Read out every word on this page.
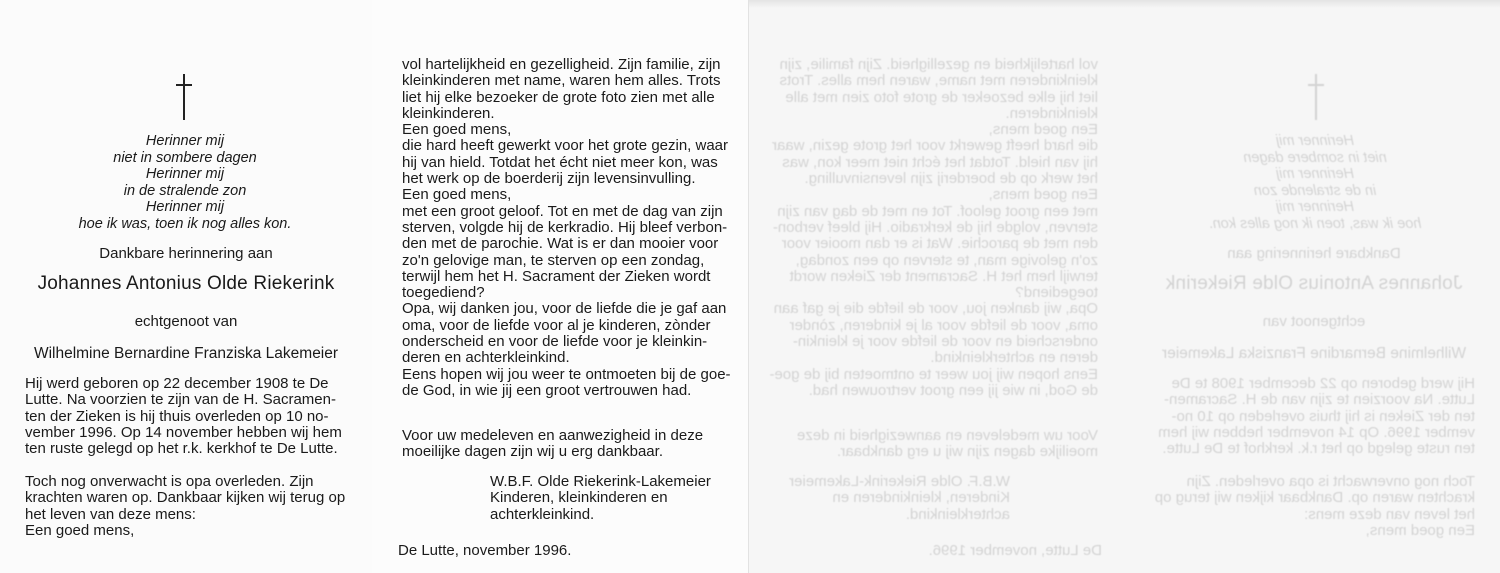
Herinner mij
niet in sombere dagen
Herinner mij
in de stralende zon
Herinner mij
hoe ik was, toen ik nog alles kon.
Dankbare herinnering aan
Johannes Antonius Olde Riekerink
echtgenoot van
Wilhelmine Bernardine Franziska Lakemeier
Hij werd geboren op 22 december 1908 te De
Lutte. Na voorzien te zijn van de H. Sacramen-
ten der Zieken is hij thuis overleden op 10 no-
vember 1996. Op 14 november hebben wij hem
ten ruste gelegd op het r.k. kerkhof te De Lutte.
Toch nog onverwacht is opa overleden. Zijn
krachten waren op. Dankbaar kijken wij terug op
het leven van deze mens:
Een goed mens,
vol hartelijkheid en gezelligheid. Zijn familie, zijn
kleinkinderen met name, waren hem alles. Trots
liet hij elke bezoeker de grote foto zien met alle
kleinkinderen.
Een goed mens,
die hard heeft gewerkt voor het grote gezin, waar
hij van hield. Totdat het écht niet meer kon, was
het werk op de boerderij zijn levensinvulling.
Een goed mens,
met een groot geloof. Tot en met de dag van zijn
sterven, volgde hij de kerkradio. Hij bleef verbon-
den met de parochie. Wat is er dan mooier voor
zo'n gelovige man, te sterven op een zondag,
terwijl hem het H. Sacrament der Zieken wordt
toegediend?
Opa, wij danken jou, voor de liefde die je gaf aan
oma, voor de liefde voor al je kinderen, zònder
onderscheid en voor de liefde voor je kleinkin-
deren en achterkleinkind.
Eens hopen wij jou weer te ontmoeten bij de goe-
de God, in wie jij een groot vertrouwen had.
Voor uw medeleven en aanwezigheid in deze
moeilijke dagen zijn wij u erg dankbaar.
W.B.F. Olde Riekerink-Lakemeier
Kinderen, kleinkinderen en
achterkleinkind.
De Lutte, november 1996.
Herinner mij
niet in sombere dagen
Herinner mij
in de stralende zon
Herinner mij
hoe ik was, toen ik nog alles kon.
Dankbare herinnering aan
Johannes Antonius Olde Riekerink
echtgenoot van
Wilhelmine Bernardine Franziska Lakemeier
Hij werd geboren op 22 december 1908 te De
Lutte. Na voorzien te zijn van de H. Sacramen-
ten der Zieken is hij thuis overleden op 10 no-
vember 1996. Op 14 november hebben wij hem
ten ruste gelegd op het r.k. kerkhof te De Lutte.
Toch nog onverwacht is opa overleden. Zijn
krachten waren op. Dankbaar kijken wij terug op
het leven van deze mens:
Een goed mens,
vol hartelijkheid en gezelligheid. Zijn familie, zijn
kleinkinderen met name, waren hem alles. Trots
liet hij elke bezoeker de grote foto zien met alle
kleinkinderen.
Een goed mens,
die hard heeft gewerkt voor het grote gezin, waar
hij van hield. Totdat het écht niet meer kon, was
het werk op de boerderij zijn levensinvulling.
Een goed mens,
met een groot geloof. Tot en met de dag van zijn
sterven, volgde hij de kerkradio. Hij bleef verbon-
den met de parochie. Wat is er dan mooier voor
zo'n gelovige man, te sterven op een zondag,
terwijl hem het H. Sacrament der Zieken wordt
toegediend?
Opa, wij danken jou, voor de liefde die je gaf aan
oma, voor de liefde voor al je kinderen, zònder
onderscheid en voor de liefde voor je kleinkin-
deren en achterkleinkind.
Eens hopen wij jou weer te ontmoeten bij de goe-
de God, in wie jij een groot vertrouwen had.
Voor uw medeleven en aanwezigheid in deze
moeilijke dagen zijn wij u erg dankbaar.
W.B.F. Olde Riekerink-Lakemeier
Kinderen, kleinkinderen en
achterkleinkind.
De Lutte, november 1996.
